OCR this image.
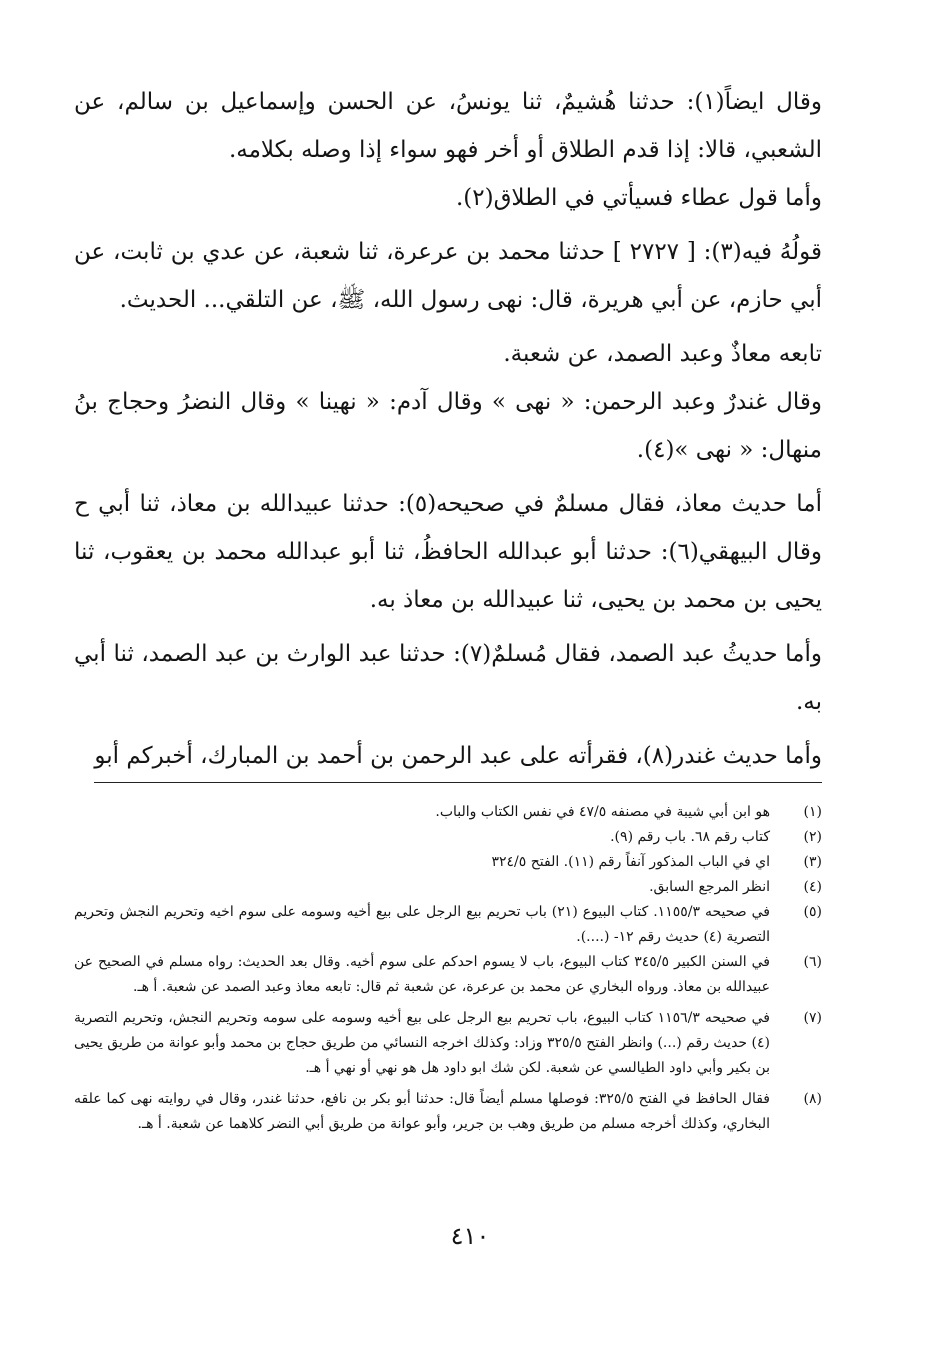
وقال ايضاً(١): حدثنا هُشيمٌ، ثنا يونسُ، عن الحسن وإسماعيل بن سالم، عن الشعبي، قالا: إذا قدم الطلاق أو أخر فهو سواء إذا وصله بكلامه.

وأما قول عطاء فسيأتي في الطلاق(٢).

قولُهُ فيه(٣): [ ٢٧٢٧ ] حدثنا محمد بن عرعرة، ثنا شعبة، عن عدي بن ثابت، عن أبي حازم، عن أبي هريرة، قال: نهى رسول الله، ﷺ، عن التلقي... الحديث.

تابعه معاذٌ وعبد الصمد، عن شعبة.

وقال غندرٌ وعبد الرحمن: « نهى » وقال آدم: « نهينا » وقال النضرُ وحجاج بنُ منهال: « نهى »(٤).

أما حديث معاذ، فقال مسلمٌ في صحيحه(٥): حدثنا عبيدالله بن معاذ، ثنا أبي ح وقال البيهقي(٦): حدثنا أبو عبدالله الحافظُ، ثنا أبو عبدالله محمد بن يعقوب، ثنا يحيى بن محمد بن يحيى، ثنا عبيدالله بن معاذ به.

وأما حديثُ عبد الصمد، فقال مُسلمٌ(٧): حدثنا عبد الوارث بن عبد الصمد، ثنا أبي به.

وأما حديث غندر(٨)، فقرأته على عبد الرحمن بن أحمد بن المبارك، أخبركم أبو

(١)
هو ابن أبي شيبة في مصنفه ٤٧/٥ في نفس الكتاب والباب.
(٢)
كتاب رقم ٦٨. باب رقم (٩).
(٣)
اي في الباب المذكور آنفاً رقم (١١). الفتح ٣٢٤/٥
(٤)
انظر المرجع السابق.
(٥)
في صحيحه ١١٥٥/٣. كتاب البيوع (٢١) باب تحريم بيع الرجل على بيع أخيه وسومه على سوم اخيه وتحريم النجش وتحريم التصرية (٤) حديث رقم ١٢- (....).
(٦)
في السنن الكبير ٣٤٥/٥ كتاب البيوع، باب لا يسوم احدكم على سوم أخيه. وقال بعد الحديث: رواه مسلم في الصحيح عن عبيدالله بن معاذ. ورواه البخاري عن محمد بن عرعرة، عن شعبة ثم قال: تابعه معاذ وعبد الصمد عن شعبة. أ هـ.
(٧)
في صحيحه ١١٥٦/٣ كتاب البيوع، باب تحريم بيع الرجل على بيع أخيه وسومه على سومه وتحريم النجش، وتحريم التصرية (٤) حديث رقم (...) وانظر الفتح ٣٢٥/٥ وزاد: وكذلك اخرجه النسائي من طريق حجاج بن محمد وأبو عوانة من طريق يحيى بن بكير وأبي داود الطيالسي عن شعبة. لكن شك ابو داود هل هو نهي أو نهي أ هـ.
(٨)
فقال الحافظ في الفتح ٣٢٥/٥: فوصلها مسلم أيضاً قال: حدثنا أبو بكر بن نافع، حدثنا غندر، وقال في روايته نهى كما علقه البخاري، وكذلك أخرجه مسلم من طريق وهب بن جرير، وأبو عوانة من طريق أبي النضر كلاهما عن شعبة. أ هـ.
٤١٠
